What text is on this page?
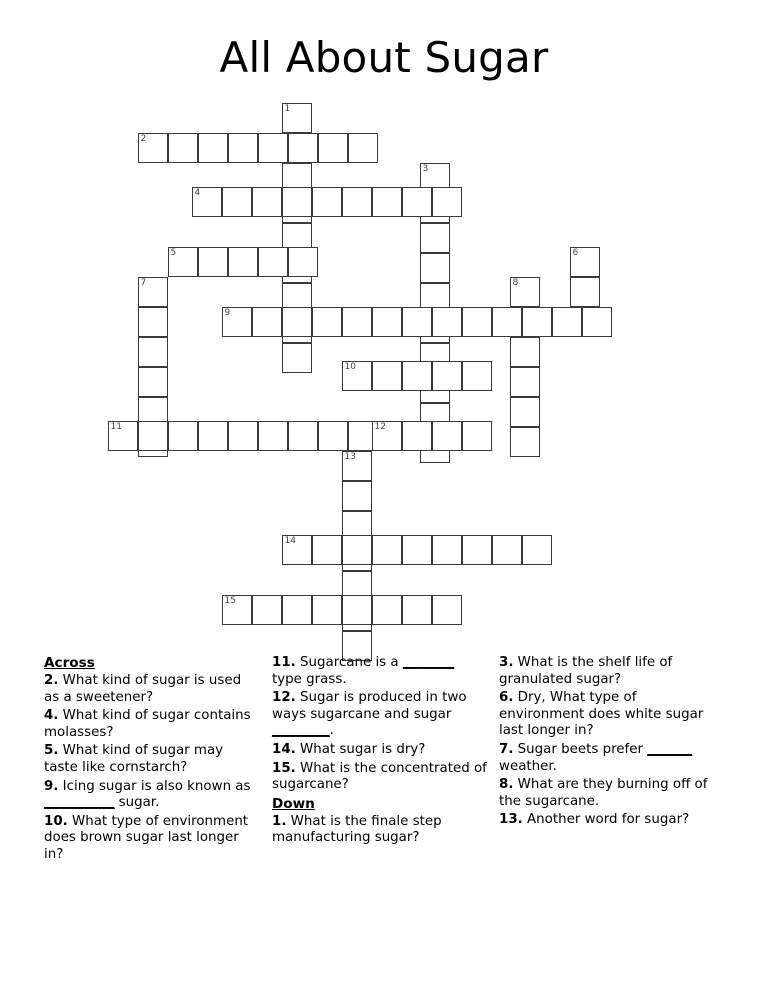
All About Sugar
1
2
3
4
5	6
7	8
9
10
11	12
13
14
15
Across
2. What kind of sugar is used as a sweetener?
4. What kind of sugar contains molasses?
5. What kind of sugar may taste like cornstarch?
9. Icing sugar is also known as ___________ sugar.
10. What type of environment does brown sugar last longer in?
11. Sugarcane is a ________ type grass.
12. Sugar is produced in two ways sugarcane and sugar _________.
14. What sugar is dry?
15. What is the concentrated of sugarcane?
Down
1. What is the finale step manufacturing sugar?
3. What is the shelf life of granulated sugar?
6. Dry, What type of environment does white sugar last longer in?
7. Sugar beets prefer _______ weather.
8. What are they burning off of the sugarcane.
13. Another word for sugar?
